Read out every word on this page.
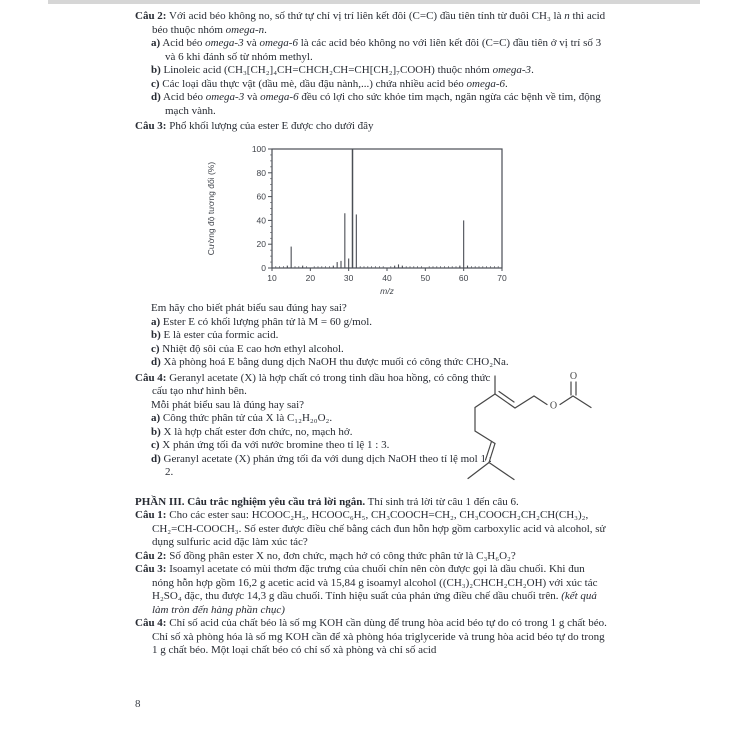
Câu 2: Với acid béo không no, số thứ tự chỉ vị trí liên kết đôi (C=C) đầu tiên tính từ đuôi CH₃ là n thì acid béo thuộc nhóm omega-n.

a) Acid béo omega-3 và omega-6 là các acid béo không no với liên kết đôi (C=C) đầu tiên ở vị trí số 3 và 6 khi đánh số từ nhóm methyl.

b) Linoleic acid (CH₃[CH₂]₄CH=CHCH₂CH=CH[CH₂]₇COOH) thuộc nhóm omega-3.

c) Các loại dầu thực vật (dầu mè, dầu đậu nành,...) chứa nhiều acid béo omega-6.

d) Acid béo omega-3 và omega-6 đều có lợi cho sức khỏe tim mạch, ngăn ngừa các bệnh về tim, động mạch vành.

Câu 3: Phổ khối lượng của ester E được cho dưới đây

10	20	30	40	50	60	70
0
20
40
60
80
100
m/z
Cường độ tương đối (%)

Em hãy cho biết phát biểu sau đúng hay sai?

a) Ester E có khối lượng phân tử là M = 60 g/mol.

b) E là ester của formic acid.

c) Nhiệt độ sôi của E cao hơn ethyl alcohol.

d) Xà phòng hoá E bằng dung dịch NaOH thu được muối có công thức CHO₂Na.

Câu 4: Geranyl acetate (X) là hợp chất có trong tinh dầu hoa hồng, có công thức cấu tạo như hình bên.

Mỗi phát biểu sau là đúng hay sai?

a) Công thức phân tử của X là C₁₂H₂₀O₂.

b) X là hợp chất ester đơn chức, no, mạch hở.

c) X phản ứng tối đa với nước bromine theo tỉ lệ 1 : 3.

d) Geranyl acetate (X) phản ứng tối đa với dung dịch NaOH theo tỉ lệ mol 1 : 2.

O
O

PHẦN III. Câu trắc nghiệm yêu cầu trả lời ngắn. Thí sinh trả lời từ câu 1 đến câu 6.

Câu 1: Cho các ester sau: HCOOC₂H₅, HCOOC₆H₅, CH₃COOCH=CH₂, CH₃COOCH₂CH₂CH(CH₃)₂, CH₂=CH-COOCH₃. Số ester được điều chế bằng cách đun hỗn hợp gồm carboxylic acid và alcohol, sử dụng sulfuric acid đặc làm xúc tác?

Câu 2: Số đồng phân ester X no, đơn chức, mạch hở có công thức phân tử là C₃H₆O₂?

Câu 3: Isoamyl acetate có mùi thơm đặc trưng của chuối chín nên còn được gọi là dầu chuối. Khi đun nóng hỗn hợp gồm 16,2 g acetic acid và 15,84 g isoamyl alcohol ((CH₃)₂CHCH₂CH₂OH) với xúc tác H₂SO₄ đặc, thu được 14,3 g dầu chuối. Tính hiệu suất của phản ứng điều chế dầu chuối trên. (kết quả làm tròn đến hàng phần chục)

Câu 4: Chỉ số acid của chất béo là số mg KOH cần dùng để trung hòa acid béo tự do có trong 1 g chất béo. Chỉ số xà phòng hóa là số mg KOH cần để xà phòng hóa triglyceride và trung hòa acid béo tự do trong 1 g chất béo. Một loại chất béo có chỉ số xà phòng và chỉ số acid

8
